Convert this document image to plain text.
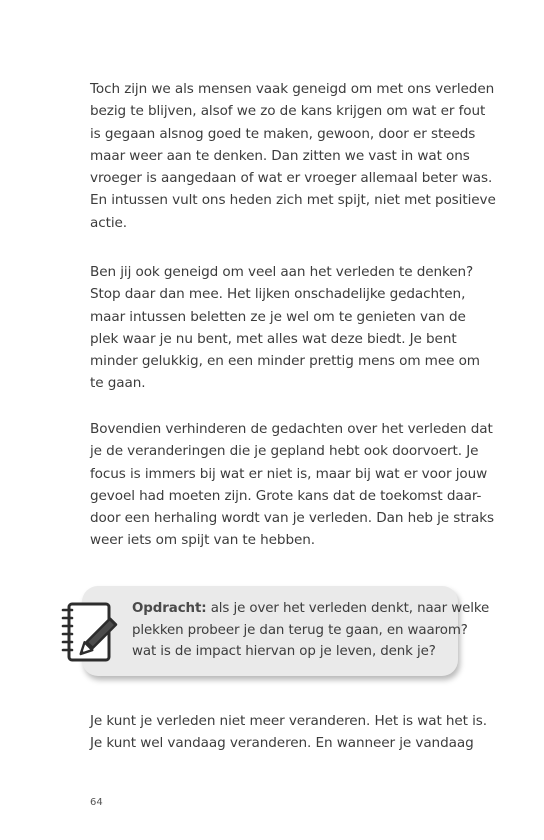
Toch zijn we als mensen vaak geneigd om met ons verleden
bezig te blijven, alsof we zo de kans krijgen om wat er fout
is gegaan alsnog goed te maken, gewoon, door er steeds
maar weer aan te denken. Dan zitten we vast in wat ons
vroeger is aangedaan of wat er vroeger allemaal beter was.
En intussen vult ons heden zich met spijt, niet met positieve
actie.

Ben jij ook geneigd om veel aan het verleden te denken?
Stop daar dan mee. Het lijken onschadelijke gedachten,
maar intussen beletten ze je wel om te genieten van de
plek waar je nu bent, met alles wat deze biedt. Je bent
minder gelukkig, en een minder prettig mens om mee om
te gaan.

Bovendien verhinderen de gedachten over het verleden dat
je de veranderingen die je gepland hebt ook doorvoert. Je
focus is immers bij wat er niet is, maar bij wat er voor jouw
gevoel had moeten zijn. Grote kans dat de toekomst daar-
door een herhaling wordt van je verleden. Dan heb je straks
weer iets om spijt van te hebben.

Opdracht: als je over het verleden denkt, naar welke
plekken probeer je dan terug te gaan, en waarom?
wat is de impact hiervan op je leven, denk je?

Je kunt je verleden niet meer veranderen. Het is wat het is.
Je kunt wel vandaag veranderen. En wanneer je vandaag

64
